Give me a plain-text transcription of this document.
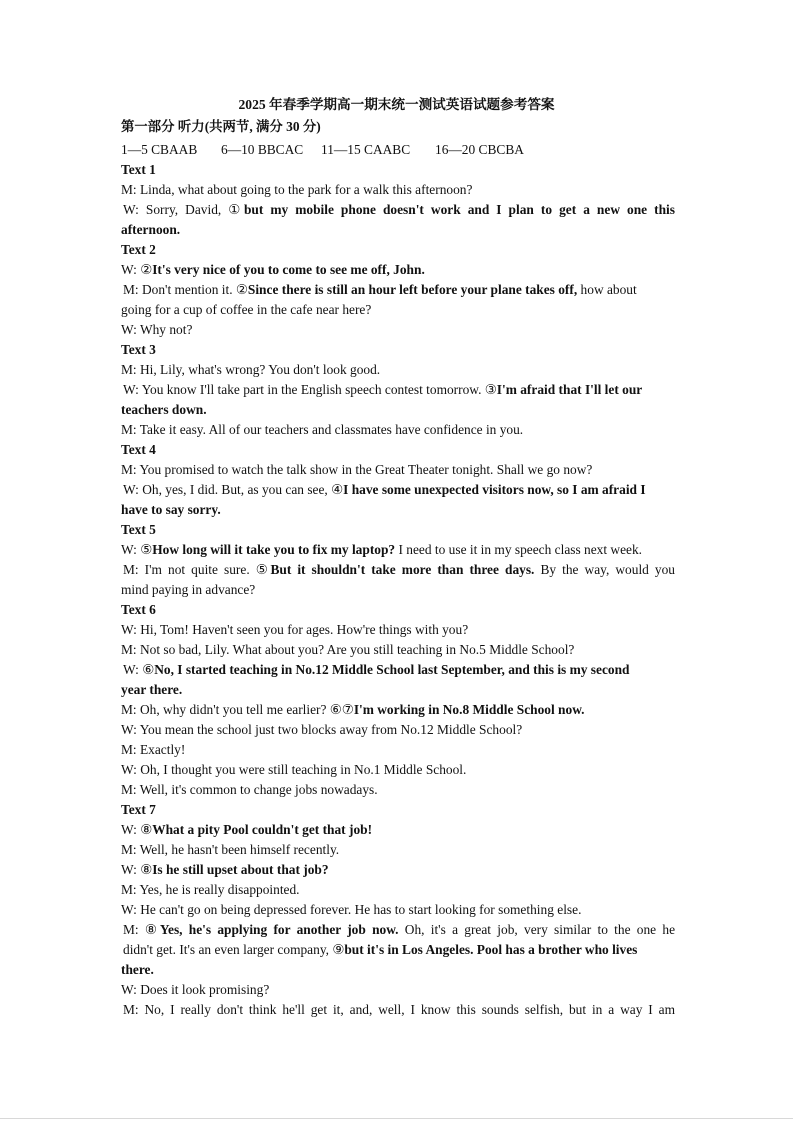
2025 年春季学期高一期末统一测试英语试题参考答案
第一部分 听力(共两节, 满分 30 分)
1—5 CBAAB 6—10 BBCAC 11—15 CAABC 16—20 CBCBA
Text 1
M: Linda, what about going to the park for a walk this afternoon?
W: Sorry, David, ①but my mobile phone doesn't work and I plan to get a new one this
afternoon.
Text 2
W: ②It's very nice of you to come to see me off, John.
M: Don't mention it. ②Since there is still an hour left before your plane takes off, how about
going for a cup of coffee in the cafe near here?
W: Why not?
Text 3
M: Hi, Lily, what's wrong? You don't look good.
W: You know I'll take part in the English speech contest tomorrow. ③I'm afraid that I'll let our
teachers down.
M: Take it easy. All of our teachers and classmates have confidence in you.
Text 4
M: You promised to watch the talk show in the Great Theater tonight. Shall we go now?
W: Oh, yes, I did. But, as you can see, ④I have some unexpected visitors now, so I am afraid I
have to say sorry.
Text 5
W: ⑤How long will it take you to fix my laptop? I need to use it in my speech class next week.
M: I'm not quite sure. ⑤But it shouldn't take more than three days. By the way, would you
mind paying in advance?
Text 6
W: Hi, Tom! Haven't seen you for ages. How're things with you?
M: Not so bad, Lily. What about you? Are you still teaching in No.5 Middle School?
W: ⑥No, I started teaching in No.12 Middle School last September, and this is my second
year there.
M: Oh, why didn't you tell me earlier? ⑥⑦I'm working in No.8 Middle School now.
W: You mean the school just two blocks away from No.12 Middle School?
M: Exactly!
W: Oh, I thought you were still teaching in No.1 Middle School.
M: Well, it's common to change jobs nowadays.
Text 7
W: ⑧What a pity Pool couldn't get that job!
M: Well, he hasn't been himself recently.
W: ⑧Is he still upset about that job?
M: Yes, he is really disappointed.
W: He can't go on being depressed forever. He has to start looking for something else.
M: ⑧Yes, he's applying for another job now. Oh, it's a great job, very similar to the one he
didn't get. It's an even larger company, ⑨but it's in Los Angeles. Pool has a brother who lives
there.
W: Does it look promising?
M: No, I really don't think he'll get it, and, well, I know this sounds selfish, but in a way I am
